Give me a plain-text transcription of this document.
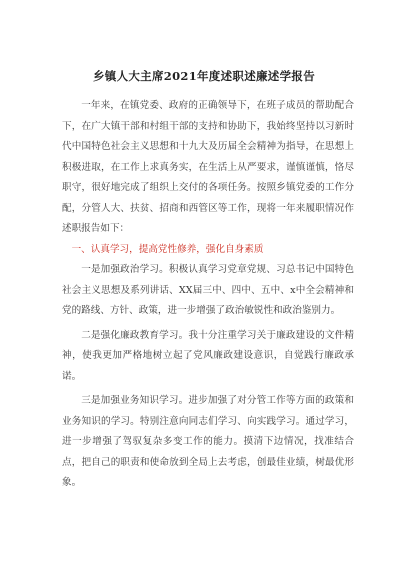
乡镇人大主席2021年度述职述廉述学报告

一年来，在镇党委、政府的正确领导下，在班子成员的帮助配合下，在广大镇干部和村组干部的支持和协助下，我始终坚持以习新时代中国特色社会主义思想和十九大及历届全会精神为指导，在思想上积极进取，在工作上求真务实，在生活上从严要求，谨慎谨慎，恪尽职守，很好地完成了组织上交付的各项任务。按照乡镇党委的工作分配，分管人大、扶贫、招商和西管区等工作，现将一年来履职情况作述职报告如下：

一、认真学习，提高党性修养，强化自身素质

一是加强政治学习。积极认真学习党章党规、习总书记中国特色社会主义思想及系列讲话、XX届三中、四中、五中、x中全会精神和党的路线、方针、政策，进一步增强了政治敏锐性和政治鉴别力。

二是强化廉政教育学习。我十分注重学习关于廉政建设的文件精神，使我更加严格地树立起了党风廉政建设意识，自觉践行廉政承诺。

三是加强业务知识学习。进步加强了对分管工作等方面的政策和业务知识的学习。特别注意向同志们学习、向实践学习。通过学习，进一步增强了驾驭复杂多变工作的能力。摸清下边情况，找准结合点，把自己的职责和使命放到全局上去考虑，创最佳业绩，树最优形象。
